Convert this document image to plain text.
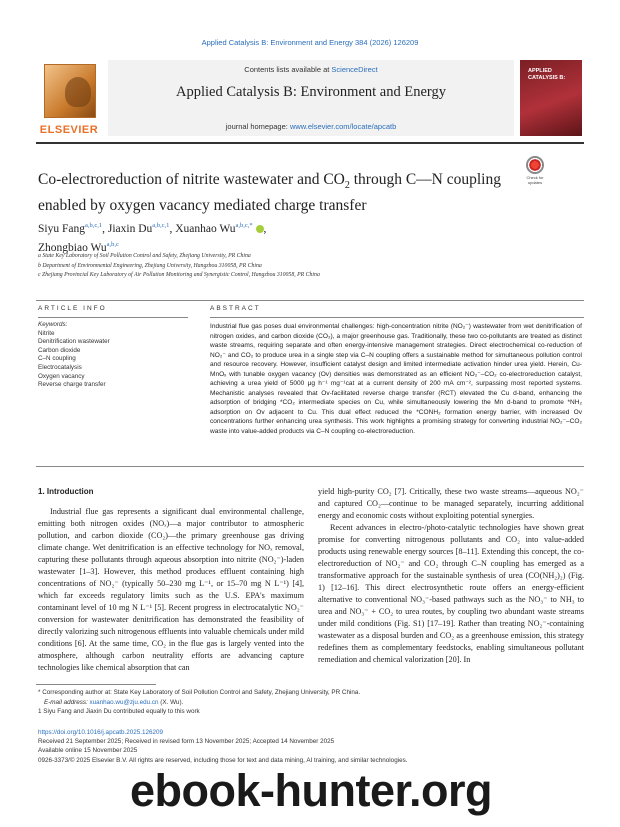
Applied Catalysis B: Environment and Energy 384 (2026) 126209
ELSEVIER
Contents lists available at ScienceDirect
Applied Catalysis B: Environment and Energy
journal homepage: www.elsevier.com/locate/apcatb
APPLIED CATALYSIS B:
Co-electroreduction of nitrite wastewater and $CO_2$ through C—N coupling enabled by oxygen vacancy mediated charge transfer
Check for
updates
Siyu Fang$^{a,b,c,1}$, Jiaxin Du$^{a,b,c,1}$, Xuanhao $Wu^{a,b,c,*}$ ,
Zhongbiao Wu$^{a,b,c}$
a State Key Laboratory of Soil Pollution Control and Safety, Zhejiang University, PR China
b Department of Environmental Engineering, Zhejiang University, Hangzhou 310058, PR China
c Zhejiang Provincial Key Laboratory of Air Pollution Monitoring and Synergistic Control, Hangzhou 310058, PR China
ARTICLE INFO	ABSTRACT
Keywords:
Nitrite
Denitrification wastewater
Carbon dioxide
C–N coupling
Electrocatalysis
Oxygen vacancy
Reverse charge transfer
Industrial flue gas poses dual environmental challenges: high-concentration nitrite (NO₂⁻) wastewater from wet denitrification of nitrogen oxides, and carbon dioxide (CO₂), a major greenhouse gas. Traditionally, these two co-pollutants are treated as distinct waste streams, requiring separate and often energy-intensive management strategies. Direct electrochemical co-reduction of NO₂⁻ and CO₂ to produce urea in a single step via C–N coupling offers a sustainable method for simultaneous pollution control and resource recovery. However, insufficient catalyst design and limited intermediate activation hinder urea yield. Herein, Cu-MnOₓ with tunable oxygen vacancy (Ov) densities was demonstrated as an efficient NO₂⁻–CO₂ co-electroreduction catalyst, achieving a urea yield of 5000 μg h⁻¹ mg⁻¹cat at a current density of 200 mA cm⁻², surpassing most reported systems. Mechanistic analyses revealed that Ov-facilitated reverse charge transfer (RCT) elevated the Cu d-band, enhancing the adsorption of bridging *CO₂ intermediate species on Cu, while simultaneously lowering the Mn d-band to promote *NH₂ adsorption on Ov adjacent to Cu. This dual effect reduced the *CONH₂ formation energy barrier, with increased Ov concentrations further enhancing urea synthesis. This work highlights a promising strategy for converting industrial NO₂⁻–CO₂ waste into value-added products via C–N coupling co-electroreduction.
1. Introduction

Industrial flue gas represents a significant dual environmental challenge, emitting both nitrogen oxides (NOₓ)—a major contributor to atmospheric pollution, and carbon dioxide (CO₂)—the primary greenhouse gas driving climate change. Wet denitrification is an effective technology for NOₓ removal, capturing these pollutants through aqueous absorption into nitrite (NO₂⁻)-laden wastewater [1–3]. However, this method produces effluent containing high concentrations of NO₂⁻ (typically 50–230 mg L⁻¹, or 15–70 mg N L⁻¹) [4], which far exceeds regulatory limits such as the U.S. EPA's maximum contaminant level of 10 mg N L⁻¹ [5]. Recent progress in electrocatalytic NO₂⁻ conversion for wastewater denitrification has demonstrated the feasibility of directly valorizing such nitrogenous effluents into valuable chemicals under mild conditions [6]. At the same time, CO₂ in the flue gas is largely vented into the atmosphere, although carbon neutrality efforts are advancing capture technologies like chemical absorption that can

yield high-purity CO₂ [7]. Critically, these two waste streams—aqueous NO₂⁻ and captured CO₂—continue to be managed separately, incurring additional energy and economic costs without exploiting potential synergies.

Recent advances in electro-/photo-catalytic technologies have shown great promise for converting nitrogenous pollutants and CO₂ into value-added products using renewable energy sources [8–11]. Extending this concept, the co-electroreduction of NO₂⁻ and CO₂ through C–N coupling has emerged as a transformative approach for the sustainable synthesis of urea (CO(NH₂)₂) (Fig. 1) [12–16]. This direct electrosynthetic route offers an energy-efficient alternative to conventional NO₃⁻-based pathways such as the NO₃⁻ to NH₃ to urea and NO₃⁻ + CO₂ to urea routes, by coupling two abundant waste streams under mild conditions (Fig. S1) [17–19]. Rather than treating NO₂⁻-containing wastewater as a disposal burden and CO₂ as a greenhouse emission, this strategy redefines them as complementary feedstocks, enabling simultaneous pollutant remediation and chemical valorization [20]. In

* Corresponding author at: State Key Laboratory of Soil Pollution Control and Safety, Zhejiang University, PR China.
E-mail address: xuanhao.wu@zju.edu.cn (X. Wu).
1 Siyu Fang and Jiaxin Du contributed equally to this work
https://doi.org/10.1016/j.apcatb.2025.126209
Received 21 September 2025; Received in revised form 13 November 2025; Accepted 14 November 2025
Available online 15 November 2025
0926-3373/© 2025 Elsevier B.V. All rights are reserved, including those for text and data mining, AI training, and similar technologies.
ebook-hunter.org
